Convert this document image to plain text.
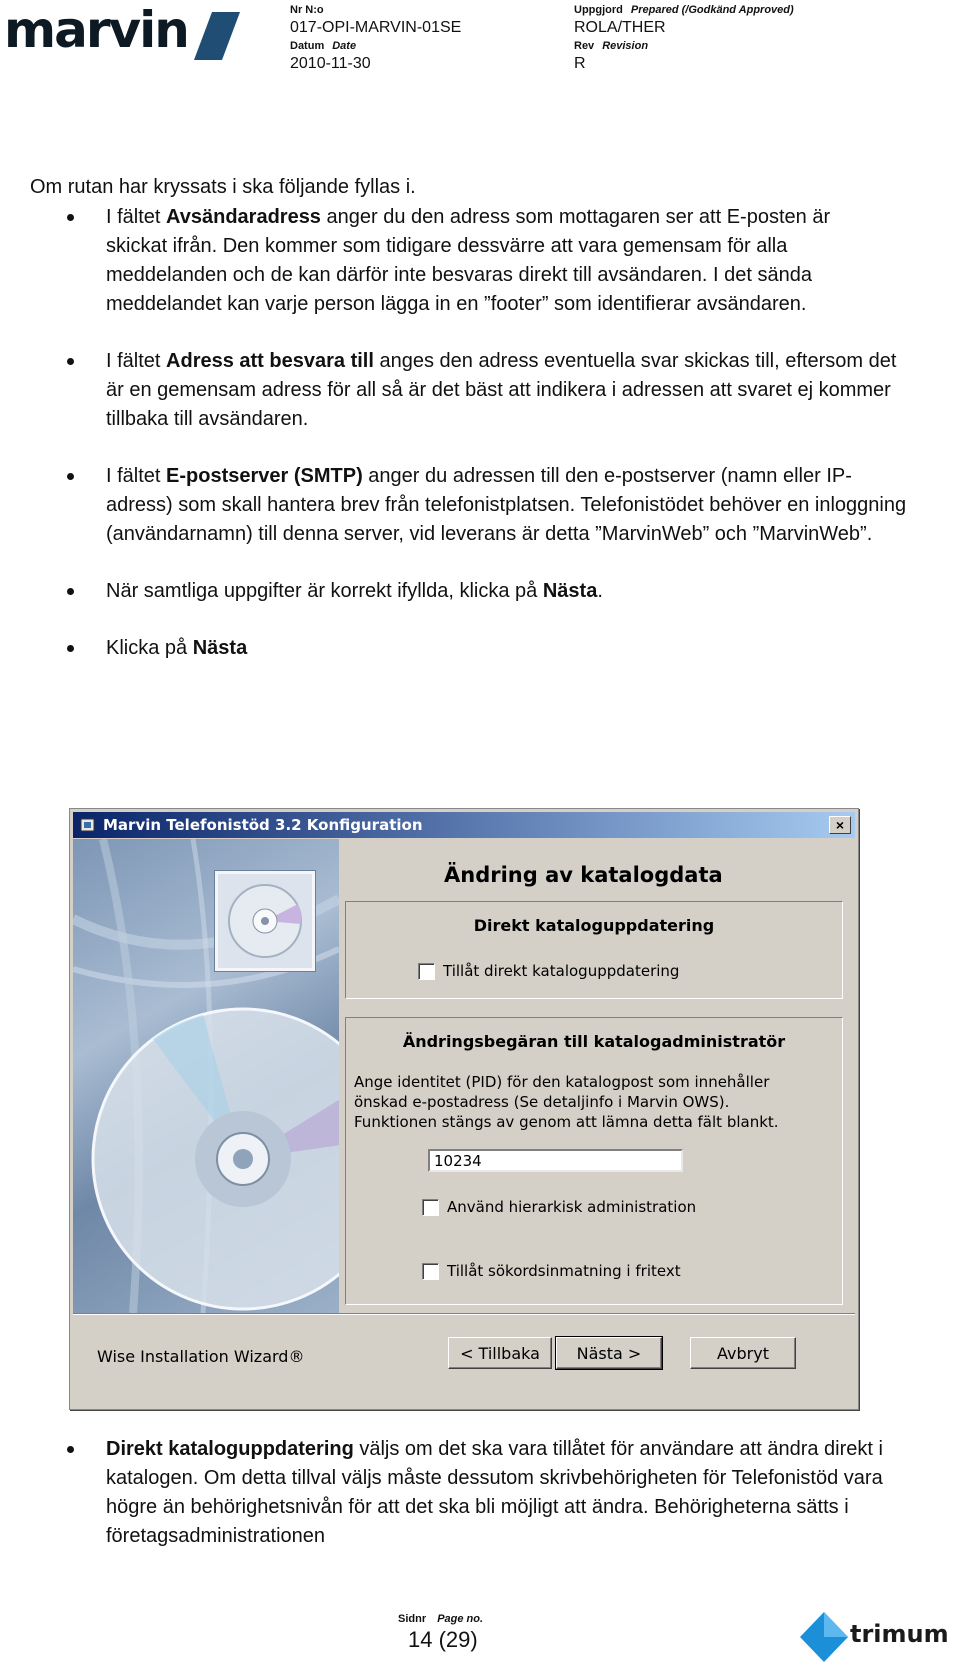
marvin	Nr N:o
017-OPI-MARVIN-01SE
Datum Date
2010-11-30
Uppgjord Prepared (/Godkänd Approved)
ROLA/THER
Rev Revision
R
Om rutan har kryssats i ska följande fyllas i.
I fältet Avsändaradress anger du den adress som mottagaren ser att E-posten är skickat ifrån. Den kommer som tidigare dessvärre att vara gemensam för alla meddelanden och de kan därför inte besvaras direkt till avsändaren. I det sända meddelandet kan varje person lägga in en ”footer” som identifierar avsändaren.
I fältet Adress att besvara till anges den adress eventuella svar skickas till, eftersom det är en gemensam adress för all så är det bäst att indikera i adressen att svaret ej kommer tillbaka till avsändaren.
I fältet E-postserver (SMTP) anger du adressen till den e-postserver (namn eller IP-adress) som skall hantera brev från telefonistplatsen. Telefonistödet behöver en inloggning (användarnamn) till denna server, vid leverans är detta ”MarvinWeb” och ”MarvinWeb”.
När samtliga uppgifter är korrekt ifyllda, klicka på Nästa.
Klicka på Nästa
Marvin Telefonistöd 3.2 Konfiguration	×
Ändring av katalogdata
Direkt kataloguppdatering
Tillåt direkt kataloguppdatering
Ändringsbegäran till katalogadministratör
Ange identitet (PID) för den katalogpost som innehåller önskad e-postadress (Se detaljinfo i Marvin OWS). Funktionen stängs av genom att lämna detta fält blankt.
Använd hierarkisk administration
Tillåt sökordsinmatning i fritext
10234
Wise Installation Wizard®	< Tillbaka	Nästa >	Avbryt
Direkt kataloguppdatering väljs om det ska vara tillåtet för användare att ändra direkt i katalogen. Om detta tillval väljs måste dessutom skrivbehörigheten för Telefonistöd vara högre än behörighetsnivån för att det ska bli möjligt att ändra. Behörigheterna sätts i företagsadministrationen
Sidnr Page no.
14 (29)	trimum
